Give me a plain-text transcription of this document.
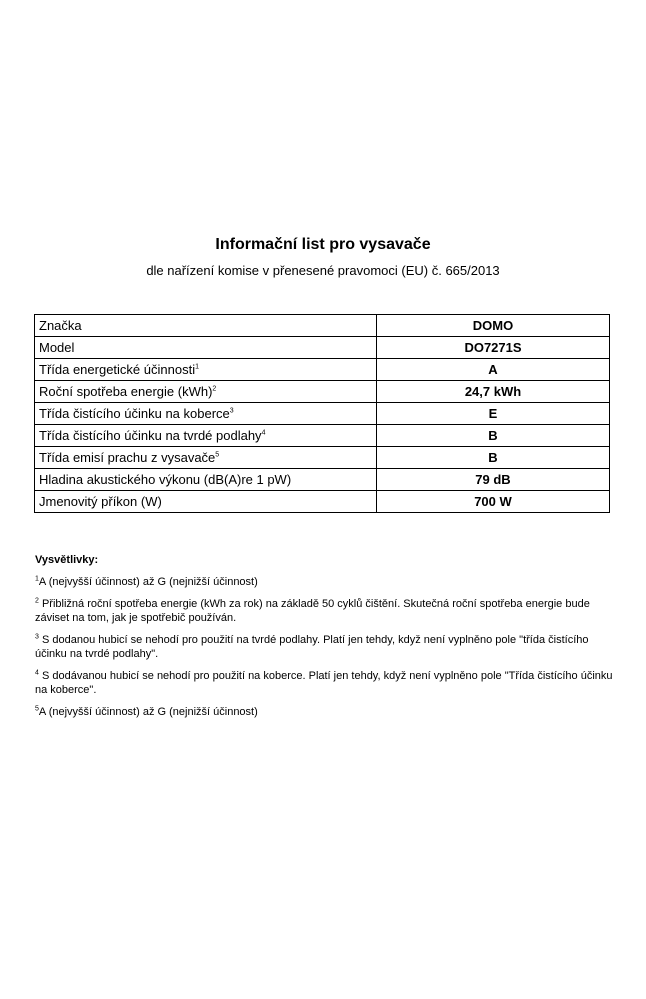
Informační list pro vysavače

dle nařízení komise v přenesené pravomoci (EU) č. 665/2013

Značka	DOMO
Model	DO7271S
Třída energetické účinnosti$^1$	A
Roční spotřeba energie (kWh)$^2$	24,7 kWh
Třída čistícího účinku na koberce$^3$	E
Třída čistícího účinku na tvrdé podlahy$^4$	B
Třída emisí prachu z vysavače$^5$	B
Hladina akustického výkonu (dB(A)re 1 pW)	79 dB
Jmenovitý příkon (W)	700 W
Vysvětlivky:
$^1$A (nejvyšší účinnost) až G (nejnižší účinnost)
$^2$ Přibližná roční spotřeba energie (kWh za rok) na základě 50 cyklů čištění. Skutečná roční spotřeba energie bude záviset na tom, jak je spotřebič používán.
$^3$ S dodanou hubicí se nehodí pro použití na tvrdé podlahy. Platí jen tehdy, když není vyplněno pole "třída čistícího účinku na tvrdé podlahy".
$^4$ S dodávanou hubicí se nehodí pro použití na koberce. Platí jen tehdy, když není vyplněno pole "Třída čistícího účinku na koberce".
$^5$A (nejvyšší účinnost) až G (nejnižší účinnost)
